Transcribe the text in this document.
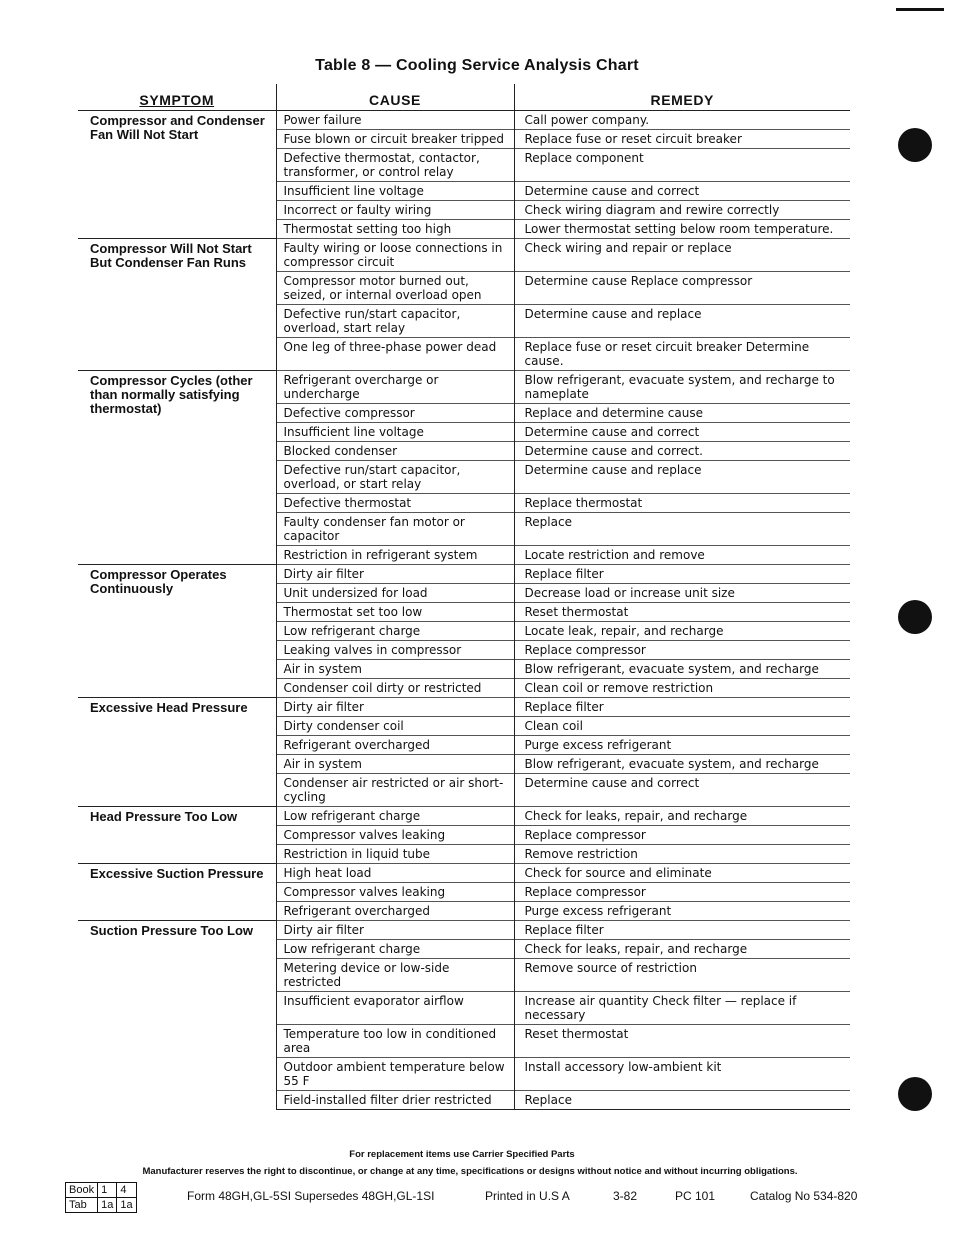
Table 8 — Cooling Service Analysis Chart
SYMPTOM	CAUSE	REMEDY
Compressor and Condenser Fan Will Not Start	Power failure	Call power company.
	Fuse blown or circuit breaker tripped	Replace fuse or reset circuit breaker
	Defective thermostat, contactor, transformer, or control relay	Replace component
	Insufficient line voltage	Determine cause and correct
	Incorrect or faulty wiring	Check wiring diagram and rewire correctly
	Thermostat setting too high	Lower thermostat setting below room temperature.
Compressor Will Not Start But Condenser Fan Runs	Faulty wiring or loose connections in compressor circuit	Check wiring and repair or replace
	Compressor motor burned out, seized, or internal overload open	Determine cause Replace compressor
	Defective run/start capacitor, overload, start relay	Determine cause and replace
	One leg of three-phase power dead	Replace fuse or reset circuit breaker Determine cause.
Compressor Cycles (other than normally satisfying thermostat)	Refrigerant overcharge or undercharge	Blow refrigerant, evacuate system, and recharge to nameplate
	Defective compressor	Replace and determine cause
	Insufficient line voltage	Determine cause and correct
	Blocked condenser	Determine cause and correct.
	Defective run/start capacitor, overload, or start relay	Determine cause and replace
	Defective thermostat	Replace thermostat
	Faulty condenser fan motor or capacitor	Replace
	Restriction in refrigerant system	Locate restriction and remove
Compressor Operates Continuously	Dirty air filter	Replace filter
	Unit undersized for load	Decrease load or increase unit size
	Thermostat set too low	Reset thermostat
	Low refrigerant charge	Locate leak, repair, and recharge
	Leaking valves in compressor	Replace compressor
	Air in system	Blow refrigerant, evacuate system, and recharge
	Condenser coil dirty or restricted	Clean coil or remove restriction
Excessive Head Pressure	Dirty air filter	Replace filter
	Dirty condenser coil	Clean coil
	Refrigerant overcharged	Purge excess refrigerant
	Air in system	Blow refrigerant, evacuate system, and recharge
	Condenser air restricted or air short-cycling	Determine cause and correct
Head Pressure Too Low	Low refrigerant charge	Check for leaks, repair, and recharge
	Compressor valves leaking	Replace compressor
	Restriction in liquid tube	Remove restriction
Excessive Suction Pressure	High heat load	Check for source and eliminate
	Compressor valves leaking	Replace compressor
	Refrigerant overcharged	Purge excess refrigerant
Suction Pressure Too Low	Dirty air filter	Replace filter
	Low refrigerant charge	Check for leaks, repair, and recharge
	Metering device or low-side restricted	Remove source of restriction
	Insufficient evaporator airflow	Increase air quantity Check filter — replace if necessary
	Temperature too low in conditioned area	Reset thermostat
	Outdoor ambient temperature below 55 F	Install accessory low-ambient kit
	Field-installed filter drier restricted	Replace
For replacement items use Carrier Specified Parts
Manufacturer reserves the right to discontinue, or change at any time, specifications or designs without notice and without incurring obligations.
Book	1	4
Tab	1a	1a
Form 48GH,GL-5SI Supersedes 48GH,GL-1SI	Printed in U.S A	3-82	PC 101	Catalog No 534-820
